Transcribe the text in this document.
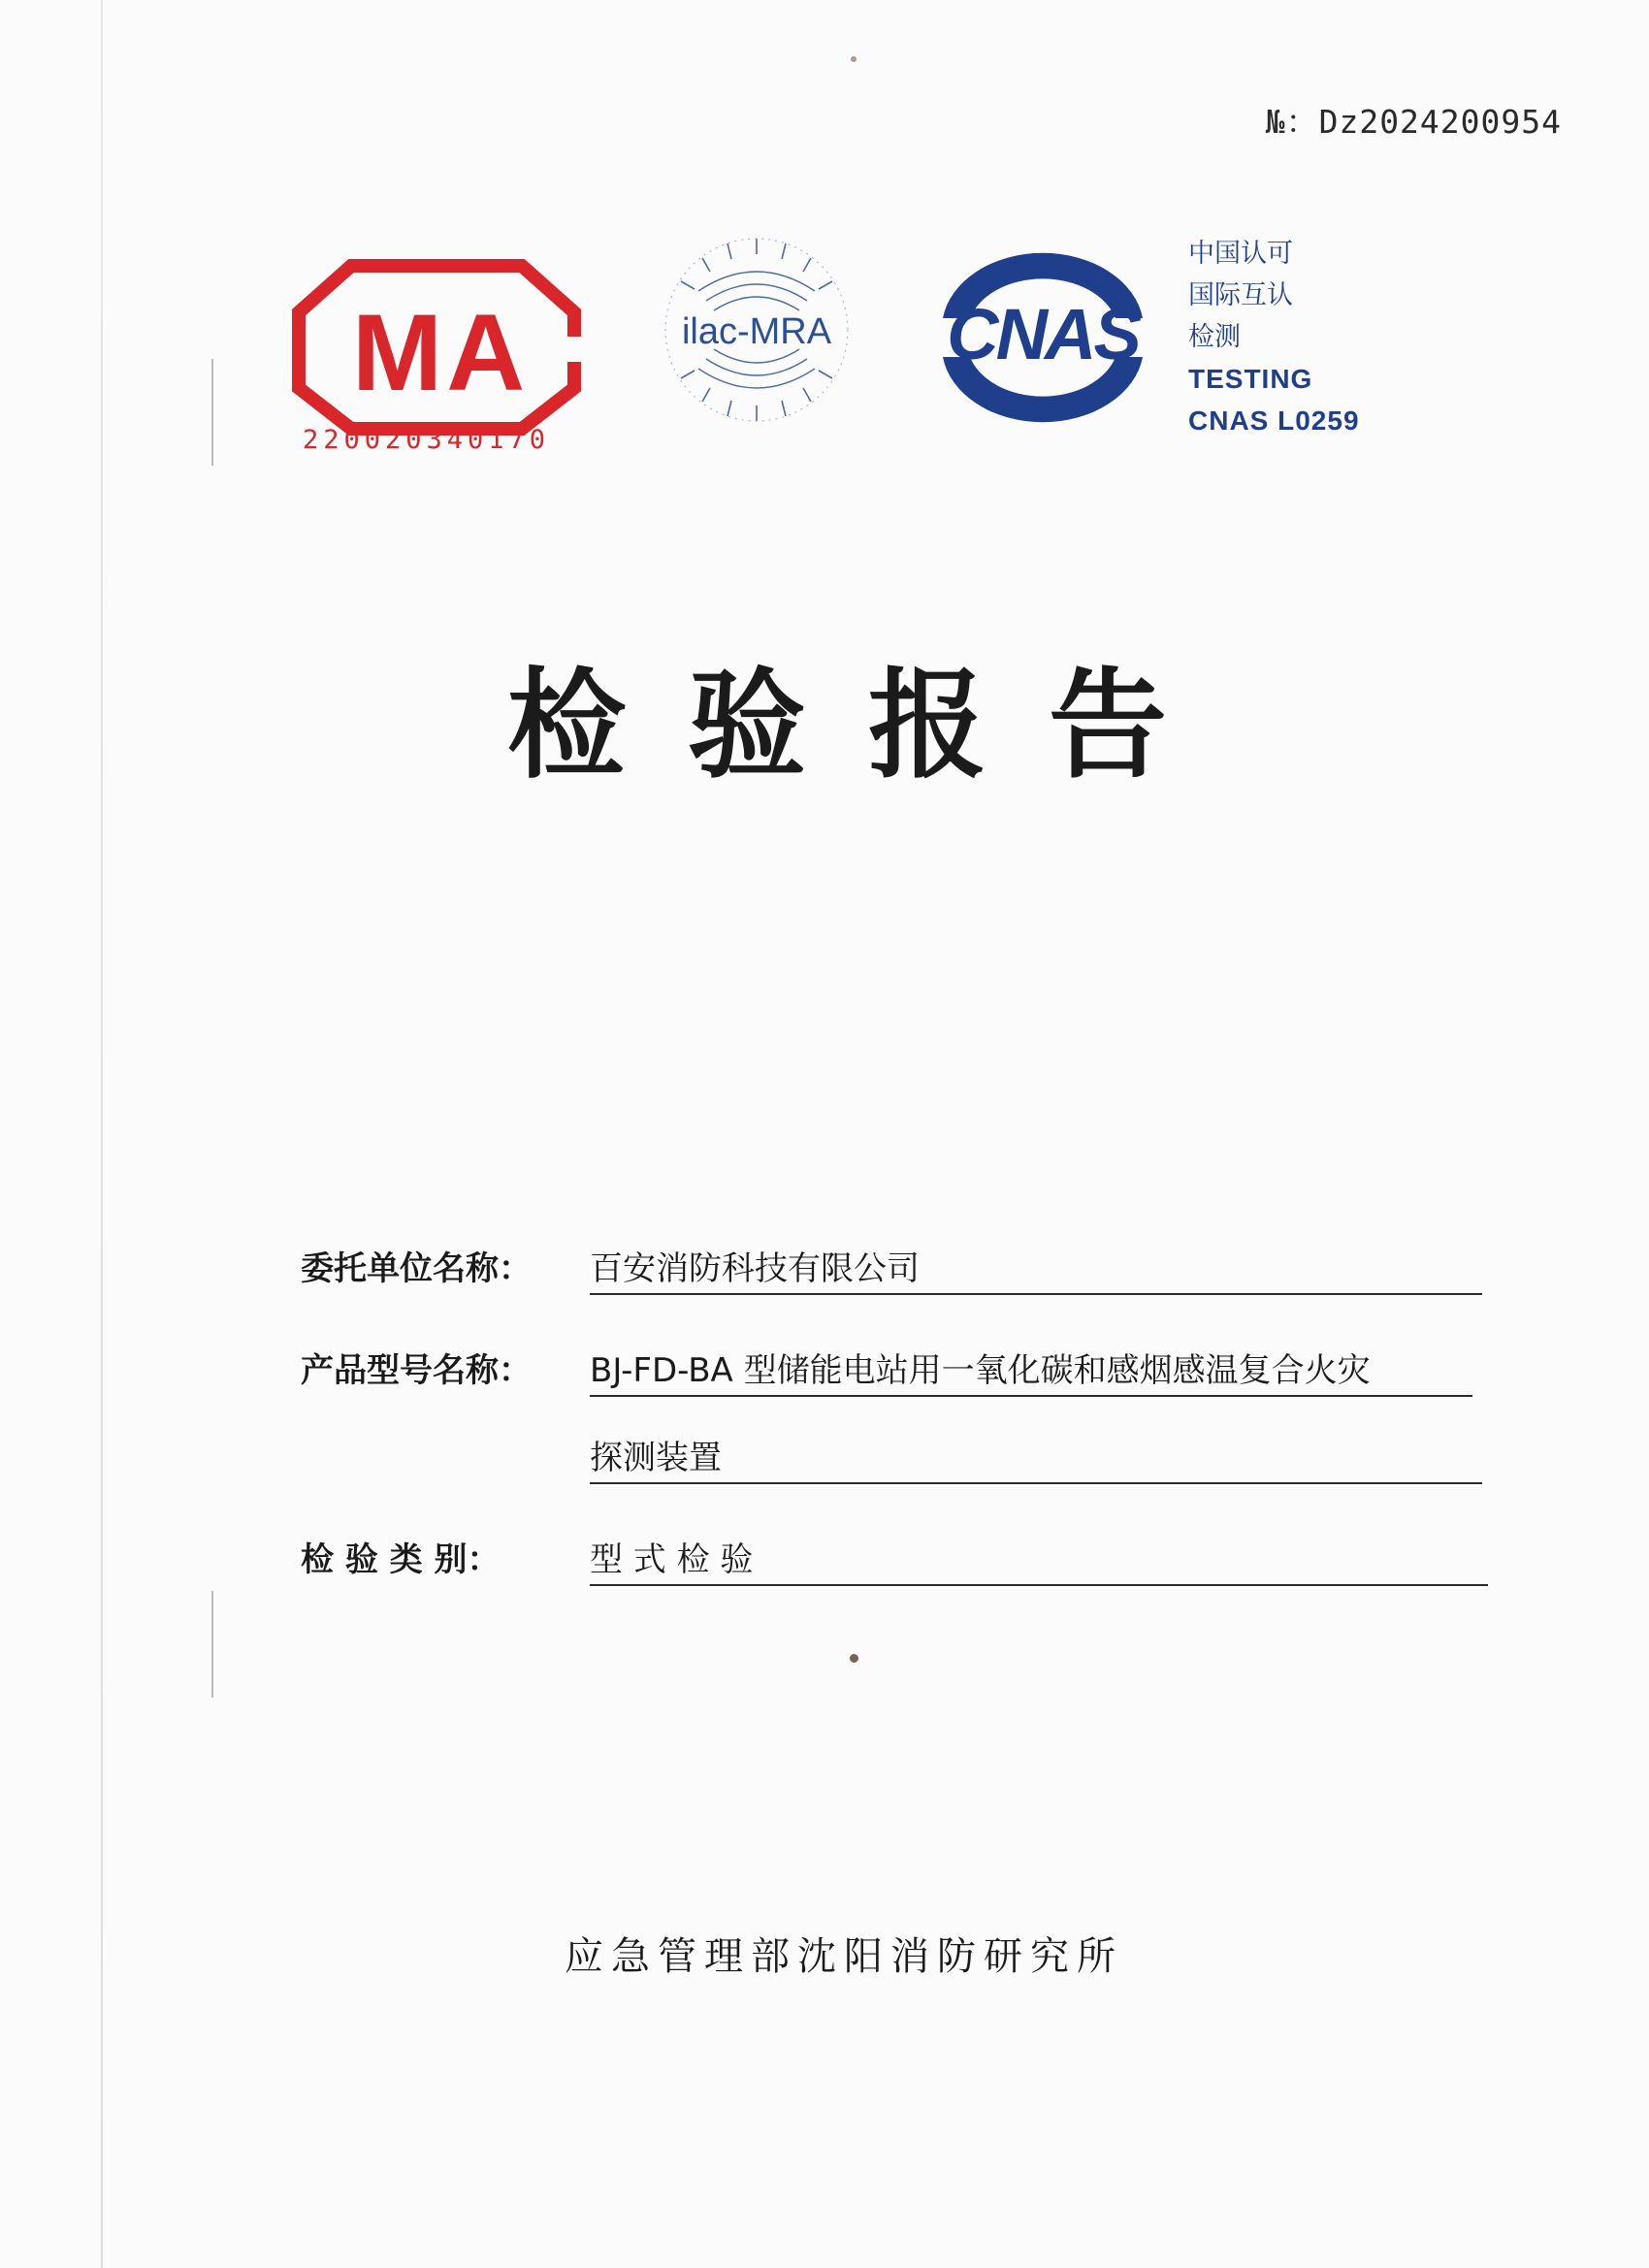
№：Dz2024200954
MA
220020340170
ilac-MRA CNAS
中国认可
国际互认
检测
TESTING
CNAS L0259
检验报告
委托单位名称： 百安消防科技有限公司
产品型号名称： BJ-FD-BA 型储能电站用一氧化碳和感烟感温复合火灾
探测装置
检 验 类 别：	型 式 检 验
应急管理部沈阳消防研究所
